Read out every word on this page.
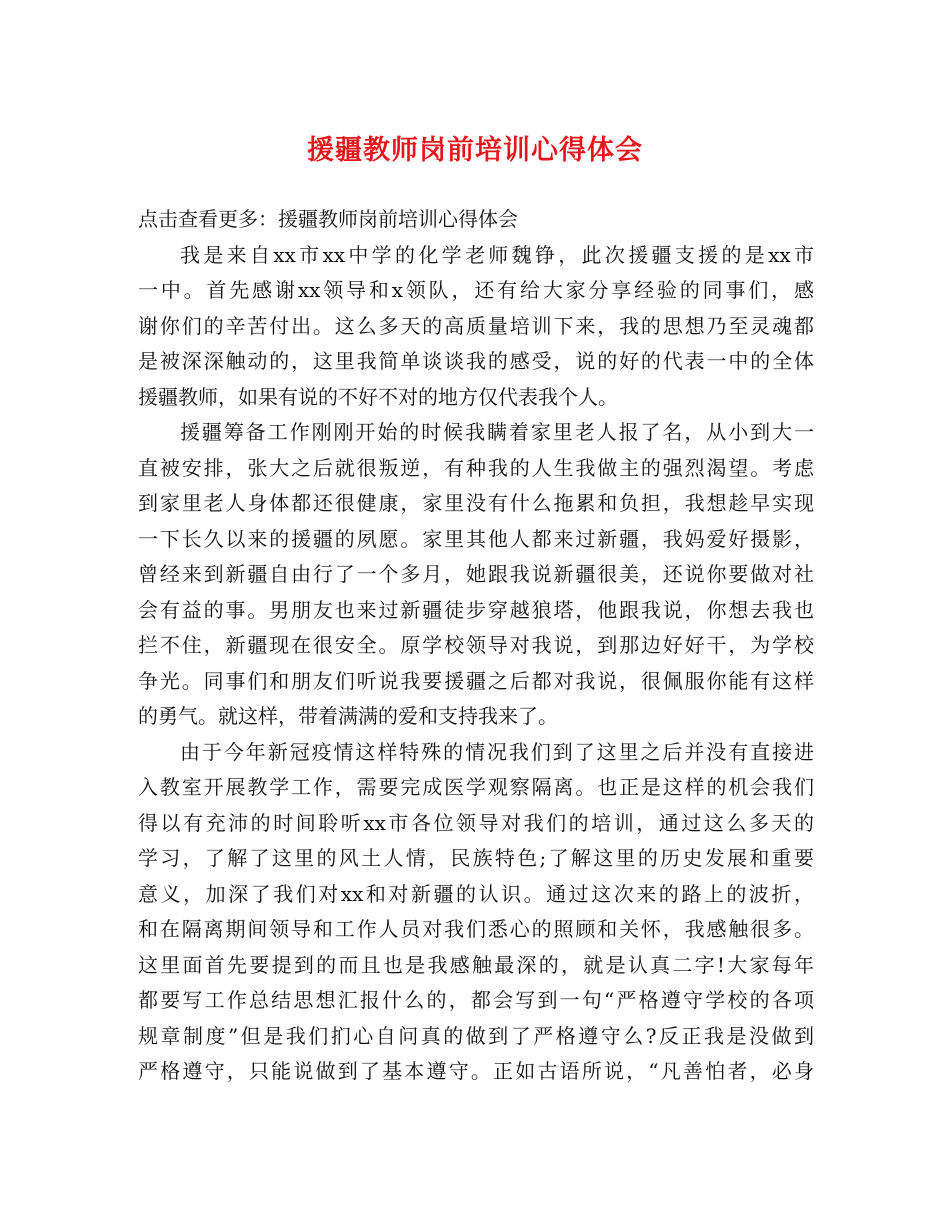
援疆教师岗前培训心得体会
点击查看更多：援疆教师岗前培训心得体会
我是来自xx市xx中学的化学老师魏铮，此次援疆支援的是xx市
一中。首先感谢xx领导和x领队，还有给大家分享经验的同事们，感
谢你们的辛苦付出。这么多天的高质量培训下来，我的思想乃至灵魂都
是被深深触动的，这里我简单谈谈我的感受，说的好的代表一中的全体
援疆教师，如果有说的不好不对的地方仅代表我个人。
援疆筹备工作刚刚开始的时候我瞒着家里老人报了名，从小到大一
直被安排，张大之后就很叛逆，有种我的人生我做主的强烈渴望。考虑
到家里老人身体都还很健康，家里没有什么拖累和负担，我想趁早实现
一下长久以来的援疆的夙愿。家里其他人都来过新疆，我妈爱好摄影，
曾经来到新疆自由行了一个多月，她跟我说新疆很美，还说你要做对社
会有益的事。男朋友也来过新疆徒步穿越狼塔，他跟我说，你想去我也
拦不住，新疆现在很安全。原学校领导对我说，到那边好好干，为学校
争光。同事们和朋友们听说我要援疆之后都对我说，很佩服你能有这样
的勇气。就这样，带着满满的爱和支持我来了。
由于今年新冠疫情这样特殊的情况我们到了这里之后并没有直接进
入教室开展教学工作，需要完成医学观察隔离。也正是这样的机会我们
得以有充沛的时间聆听xx市各位领导对我们的培训，通过这么多天的
学习，了解了这里的风土人情，民族特色;了解这里的历史发展和重要
意义，加深了我们对xx和对新疆的认识。通过这次来的路上的波折，
和在隔离期间领导和工作人员对我们悉心的照顾和关怀，我感触很多。
这里面首先要提到的而且也是我感触最深的，就是认真二字!大家每年
都要写工作总结思想汇报什么的，都会写到一句“严格遵守学校的各项
规章制度”但是我们扪心自问真的做到了严格遵守么?反正我是没做到
严格遵守，只能说做到了基本遵守。正如古语所说，“凡善怕者，必身
